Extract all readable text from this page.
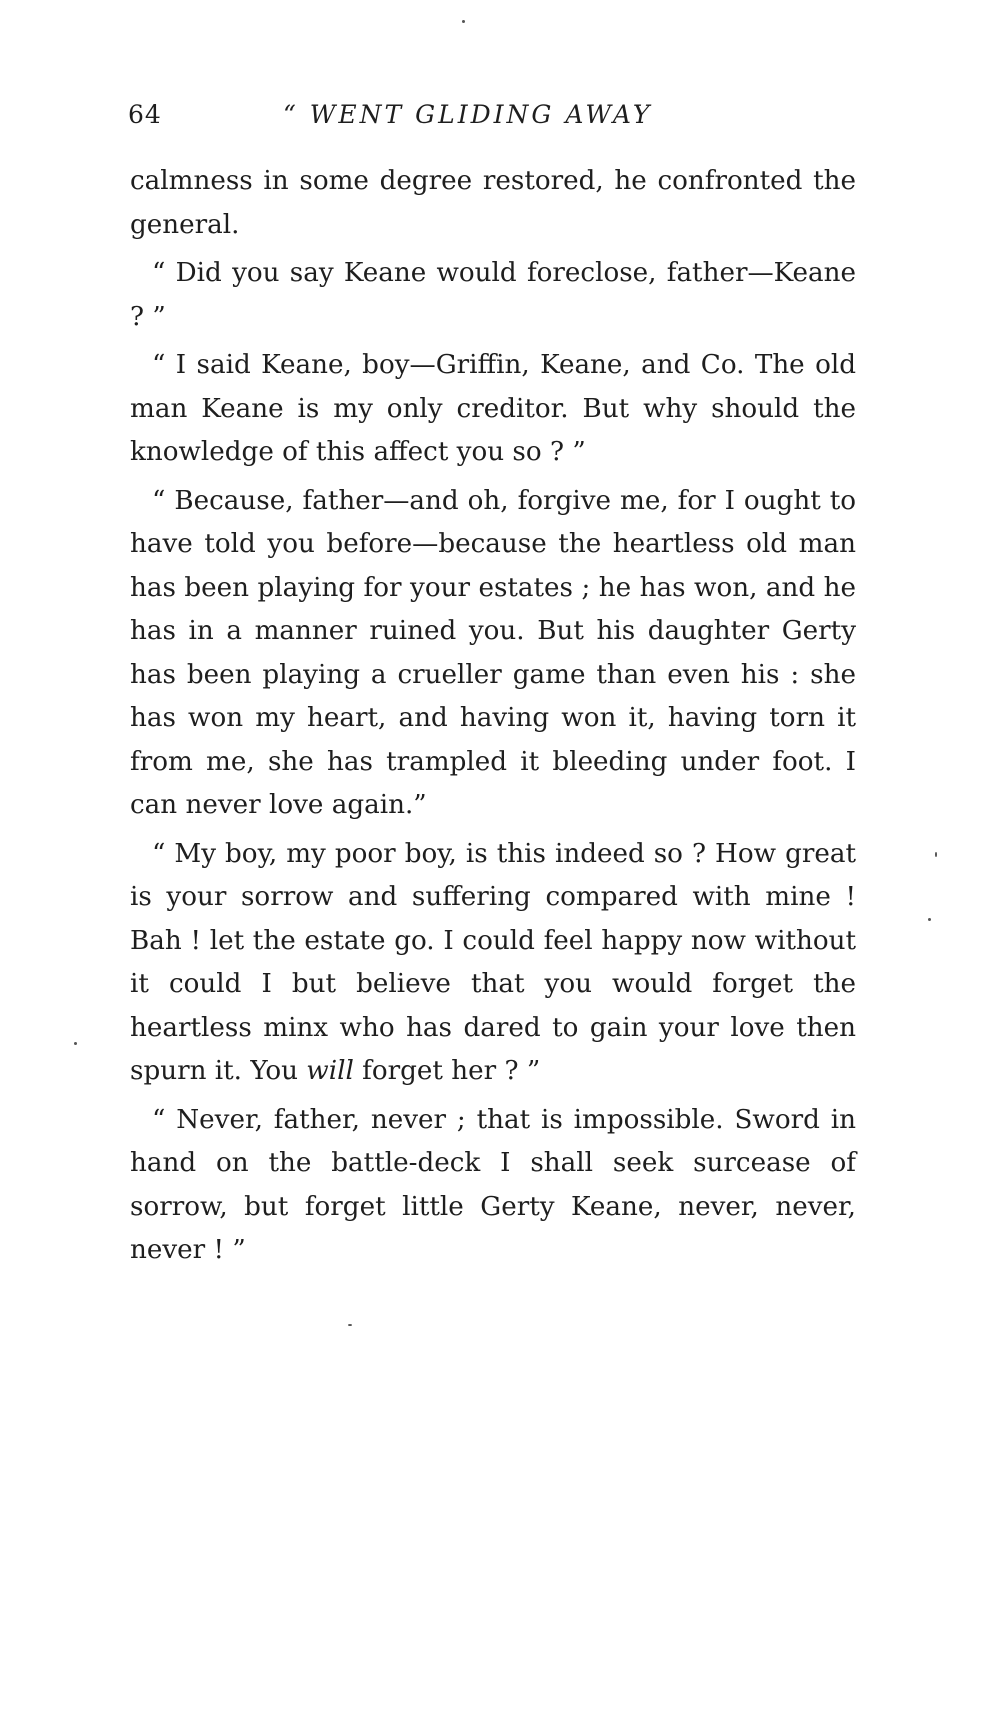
64	“ WENT GLIDING AWAY

calmness in some degree restored, he confronted the general.

“ Did you say Keane would foreclose, father—Keane ? ”

“ I said Keane, boy—Griffin, Keane, and Co. The old man Keane is my only creditor. But why should the knowledge of this affect you so ? ”

“ Because, father—and oh, forgive me, for I ought to have told you before—because the heartless old man has been playing for your estates ; he has won, and he has in a manner ruined you. But his daughter Gerty has been playing a crueller game than even his : she has won my heart, and having won it, having torn it from me, she has trampled it bleeding under foot. I can never love again.”

“ My boy, my poor boy, is this indeed so ? How great is your sorrow and suffering compared with mine ! Bah ! let the estate go. I could feel happy now without it could I but believe that you would forget the heartless minx who has dared to gain your love then spurn it. You will forget her ? ”

“ Never, father, never ; that is impossible. Sword in hand on the battle-deck I shall seek surcease of sorrow, but forget little Gerty Keane, never, never, never ! ”
